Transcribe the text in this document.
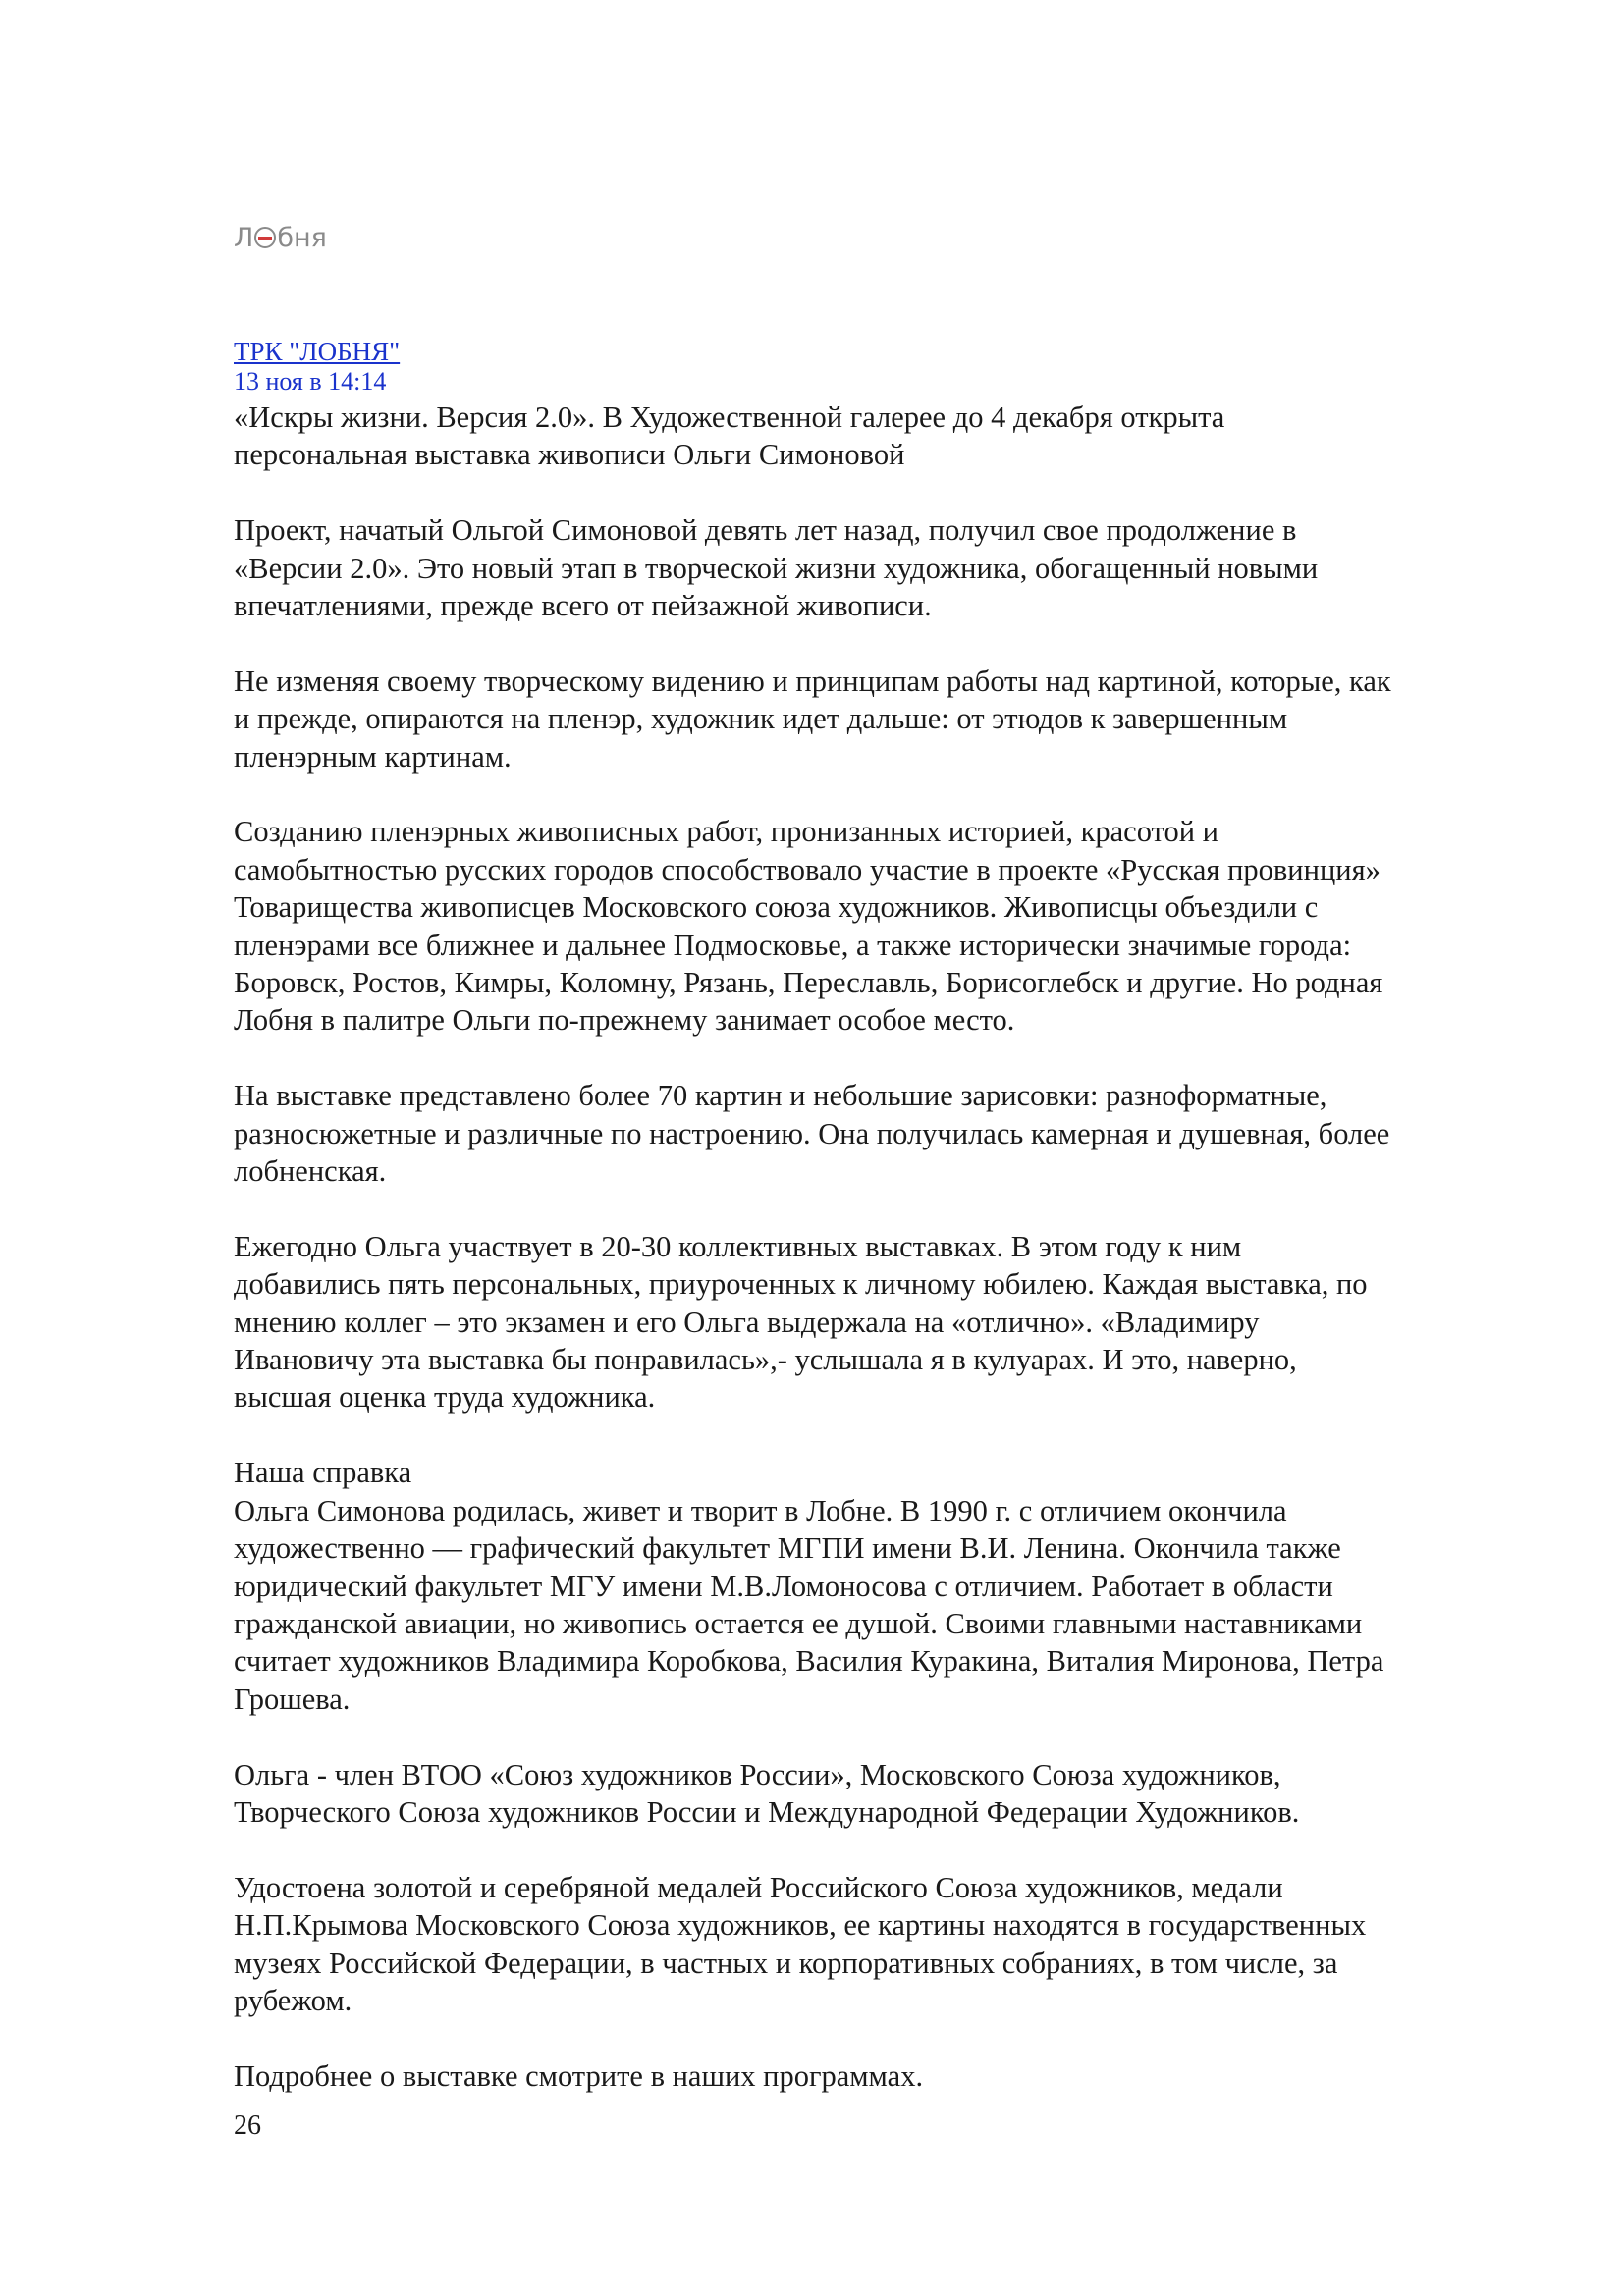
Л бня
ТРК "ЛОБНЯ"
13 ноя в 14:14

«Искры жизни. Версия 2.0». В Художественной галерее до 4 декабря открыта

персональная выставка живописи Ольги Симоновой

Проект, начатый Ольгой Симоновой девять лет назад, получил свое продолжение в

«Версии 2.0». Это новый этап в творческой жизни художника, обогащенный новыми

впечатлениями, прежде всего от пейзажной живописи.

Не изменяя своему творческому видению и принципам работы над картиной, которые, как

и прежде, опираются на пленэр, художник идет дальше: от этюдов к завершенным

пленэрным картинам.

Созданию пленэрных живописных работ, пронизанных историей, красотой и

самобытностью русских городов способствовало участие в проекте «Русская провинция»

Товарищества живописцев Московского союза художников. Живописцы объездили с

пленэрами все ближнее и дальнее Подмосковье, а также исторически значимые города:

Боровск, Ростов, Кимры, Коломну, Рязань, Переславль, Борисоглебск и другие. Но родная

Лобня в палитре Ольги по-прежнему занимает особое место.

На выставке представлено более 70 картин и небольшие зарисовки: разноформатные,

разносюжетные и различные по настроению. Она получилась камерная и душевная, более

лобненская.

Ежегодно Ольга участвует в 20-30 коллективных выставках. В этом году к ним

добавились пять персональных, приуроченных к личному юбилею. Каждая выставка, по

мнению коллег – это экзамен и его Ольга выдержала на «отлично». «Владимиру

Ивановичу эта выставка бы понравилась»,- услышала я в кулуарах. И это, наверно,

высшая оценка труда художника.

Наша справка

Ольга Симонова родилась, живет и творит в Лобне. В 1990 г. с отличием окончила

художественно — графический факультет МГПИ имени В.И. Ленина. Окончила также

юридический факультет МГУ имени М.В.Ломоносова с отличием. Работает в области

гражданской авиации, но живопись остается ее душой. Своими главными наставниками

считает художников Владимира Коробкова, Василия Куракина, Виталия Миронова, Петра

Грошева.

Ольга - член ВТОО «Союз художников России», Московского Союза художников,

Творческого Союза художников России и Международной Федерации Художников.

Удостоена золотой и серебряной медалей Российского Союза художников, медали

Н.П.Крымова Московского Союза художников, ее картины находятся в государственных

музеях Российской Федерации, в частных и корпоративных собраниях, в том числе, за

рубежом.

Подробнее о выставке смотрите в наших программах.

26
